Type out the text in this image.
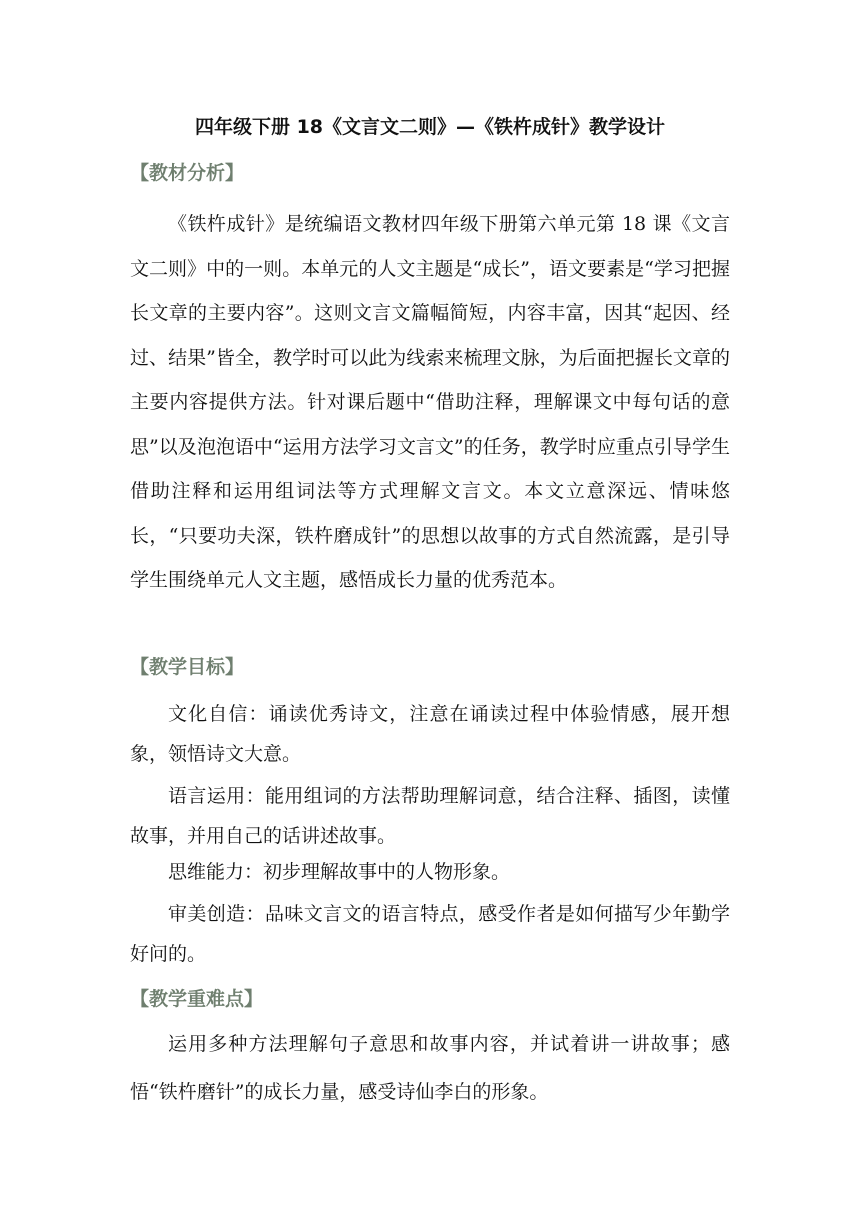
四年级下册 18《文言文二则》—《铁杵成针》教学设计
【教材分析】

《铁杵成针》是统编语文教材四年级下册第六单元第 18 课《文言文二则》中的一则。本单元的人文主题是“成长”，语文要素是“学习把握长文章的主要内容”。这则文言文篇幅简短，内容丰富，因其“起因、经过、结果”皆全，教学时可以此为线索来梳理文脉，为后面把握长文章的主要内容提供方法。针对课后题中“借助注释，理解课文中每句话的意思”以及泡泡语中“运用方法学习文言文”的任务，教学时应重点引导学生借助注释和运用组词法等方式理解文言文。本文立意深远、情味悠长，“只要功夫深，铁杵磨成针”的思想以故事的方式自然流露，是引导学生围绕单元人文主题，感悟成长力量的优秀范本。

【教学目标】

文化自信：诵读优秀诗文，注意在诵读过程中体验情感，展开想象，领悟诗文大意。

语言运用：能用组词的方法帮助理解词意，结合注释、插图，读懂故事，并用自己的话讲述故事。

思维能力：初步理解故事中的人物形象。

审美创造：品味文言文的语言特点，感受作者是如何描写少年勤学好问的。

【教学重难点】

运用多种方法理解句子意思和故事内容，并试着讲一讲故事；感悟“铁杵磨针”的成长力量，感受诗仙李白的形象。
